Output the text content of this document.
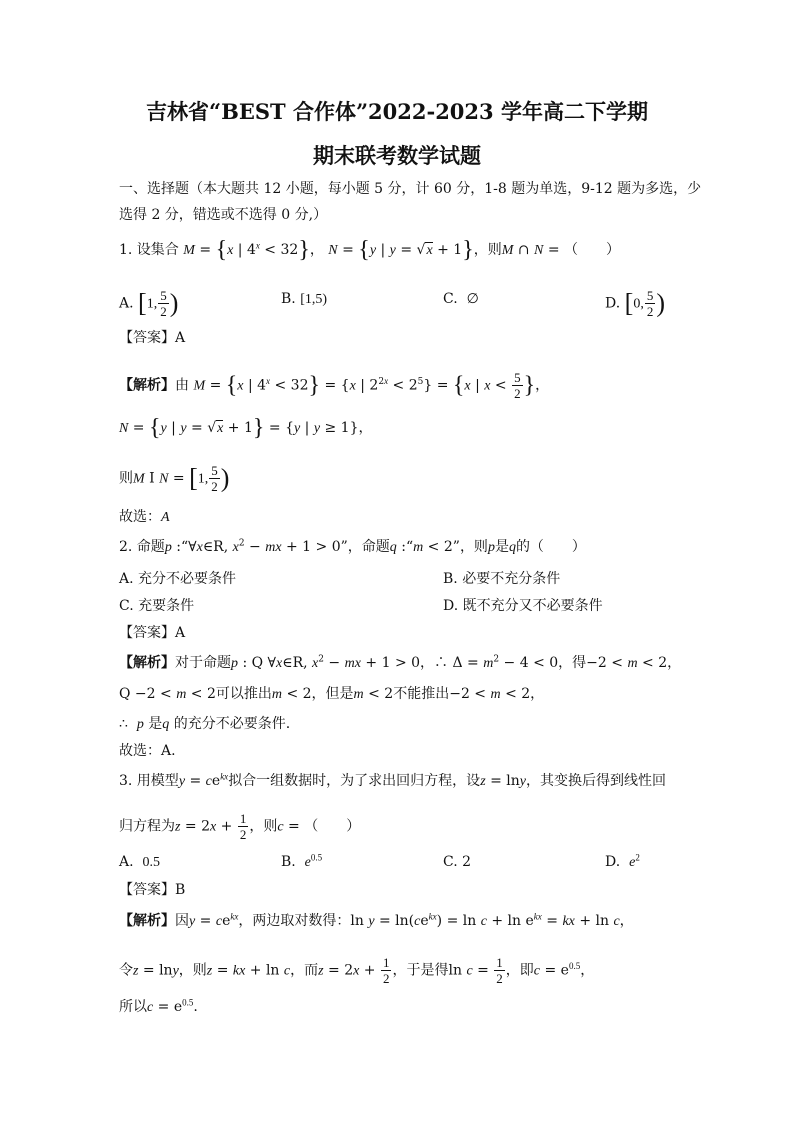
吉林省“BEST 合作体”2022-2023 学年高二下学期
期末联考数学试题
一、选择题（本大题共 12 小题，每小题 5 分，计 60 分，1-8 题为单选，9-12 题为多选，少
选得 2 分，错选或不选得 0 分,）
1. 设集合 M = {x | $4^x < 32$}， N = {y | y = √x + 1}，则M ∩ N = （　　）
A. [1, $\frac{5}{2}$ )	B. [1,5)	C. ∅	D. [0, $\frac{5}{2}$ )
【答案】A
【解析】由 M = {x | $4^x < 32\} = \{x$ | $2^{2x} < 2^5\} = \{x$ | $x < \frac{5}{2}$ }，
N = {y | y = √x + 1} = {y | y ≥ 1}，
则M I N = [1, $\frac{5}{2}$ )
故选：A
2. 命题p :“∀x∈R, $x^2$ − mx + 1 > 0”，命题q :“m < 2”，则p是q的（　　）
A. 充分不必要条件	B. 必要不充分条件
C. 充要条件	D. 既不充分又不必要条件
【答案】A
【解析】对于命题p : Q ∀x∈R, $x^2$ − mx + 1 > 0，∴ $\Delta = m^2 - 4 < 0$，得−2 < m < 2，
Q −2 < m < 2可以推出m < 2，但是m < 2不能推出−2 < m < 2，
∴  p 是q 的充分不必要条件.
故选：A.
3. 用模型$y = ce^{kx}$拟合一组数据时，为了求出回归方程，设z = lny，其变换后得到线性回
归方程为$z = 2x + \frac{1}{2}$ ，则c = （　　）
A. 0.5	B. $e^{0.5}$	C. 2	D. $e^2$
【答案】B
【解析】因$y = ce^{kx}$，两边取对数得：$\ln y = \ln(ce^{kx}) = \ln c + \ln e^{kx}$ = kx + ln c，
令z = lny，则z = kx + ln c，而$z = 2x + \frac{1}{2}$ ，于是得$\ln c = \frac{1}{2}$ ，即$c = e^{0.5}$，
所以$c = e^{0.5}$.
